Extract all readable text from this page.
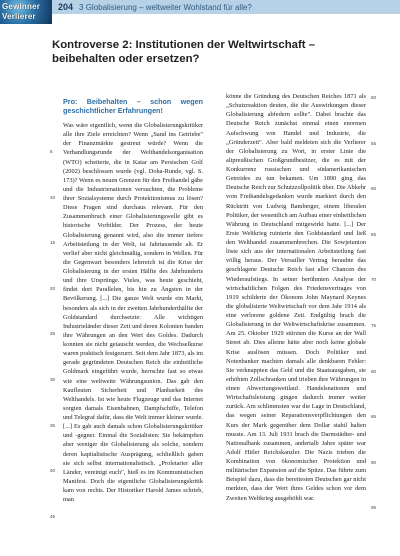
Gewinner
Verlierer
204 3 Globalisierung – weltweiter Wohlstand für alle?
Kontroverse 2: Institutionen der Weltwirtschaft – beibehalten oder ersetzen?

Pro: Beibehalten – schon wegen geschichtlicher Erfahrungen!

Was wäre eigentlich, wenn die Globalisierungskritiker alle ihre Ziele erreichten? Wenn „Sand ins Getriebe" der Finanzmärkte gestreut würde? Wenn die Verhandlungsrunde der Welthandelsorganisation (WTO) scheiterte, die in Katar am Persischen Golf (2002) beschlossen wurde (vgl. Doha-Runde, vgl. S. 173)? Wenn es neuen Grenzen für den Freihandel gäbe und die Industrienationen versuchten, die Probleme ihrer Sozialsysteme durch Protektionismus zu lösen? Diese Fragen sind durchaus relevant. Für den Zusammenbruch einer Globalisierungswelle gibt es historische Vorbilder. Der Prozess, der heute Globalisierung genannt wird, also die immer tiefere Arbeitsteilung in der Welt, ist Jahrtausende alt. Er verlief aber nicht gleichmäßig, sondern in Wellen. Für die Gegenwart besonders lehrreich ist die Krise der Globalisierung in der ersten Hälfte des Jahrhunderts und ihre Ursprünge. Vieles, was heute geschieht, findet dort Parallelen, bis hin zu Ängsten in der Bevölkerung. [...] Die ganze Welt wurde ein Markt, besonders als sich in der zweiten Jahrhunderthälfte der Goldstandard durchsetzte: Alle wichtigen Industrieländer dieser Zeit und deren Kolonien banden ihre Währungen an den Wert des Goldes. Dadurch konnten sie nicht getauscht werden, die Wechselkurse waren praktisch festgezurrt. Seit dem Jahr 1873, als im gerade gegründeten Deutschen Reich die einheitliche Goldmark eingeführt wurde, herrschte fast so etwas wie eine weltweite Währungsunion. Das gab den Kaufleuten Sicherheit und Planbarkeit des Welthandels. Ist wie heute Flugzeuge und das Internet sorgten damals Eisenbahnen, Dampfschiffe, Telefon und Telegraf dafür, dass die Welt immer kleiner wurde. [...] Es gab auch damals schon Globalisierungskritiker und -gegner. Einmal die Sozialisten: Sie bekämpften aber weniger die Globalisierung als solche, sondern deren kapitalistische Ausprägung, schließlich gaben sie sich selbst internationalistisch. „Proletarier aller Länder, vereinigt euch", hieß es im Kommunistischen Manifest. Doch die eigentliche Globalisierungskritik kam von rechts. Der Historiker Harold James schrieb, man

könne die Gründung des Deutschen Reiches 1871 als „Schutzreaktion deuten, die die Auswirkungen dieser Globalisierung abfedern sollte". Dabei brachte das Deutsche Reich zunächst einmal einen enormen Aufschwung von Handel und Industrie, die „Gründerzeit". Aber bald meldeten sich die Verlierer der Globalisierung zu Wort, in erster Linie die altpreußischen Großgrundbesitzer, die es mit der Konkurrenz russischen und südamerikanischen Getreides zu tun bekamen. Um 1890 ging das Deutsche Reich zur Schutzzollpolitik über. Die Abkehr vom Freihandelsgedanken wurde markiert durch den Rücktritt von Ludwig Bamberger, einem liberalen Politiker, der wesentlich am Aufbau einer einheitlichen Währung in Deutschland mitgewirkt hatte. [...] Der Erste Weltkrieg ruinierte den Goldstandard und ließ den Welthandel zusammenbrechen. Die Sowjetunion löste sich aus der internationalen Arbeitsteilung fast völlig heraus. Der Versailler Vertrag beraubte das geschlagene Deutsche Reich fast aller Chancen des Wiederaufstiegs. In seiner berühmten Analyse der wirtschaftlichen Folgen des Friedensvertrages von 1919 schilderte der Ökonom John Maynard Keynes die globalisierte Weltwirtschaft vor dem Jahr 1914 als eine verlorene goldene Zeit. Endgültig brach die Globalisierung in der Weltwirtschaftskrise zusammen. Am 25. Oktober 1929 stürzten die Kurse an der Wall Street ab. Dies alleine hätte aber noch keine globale Krise auslösen müssen. Doch Politiker und Notenbanker machten damals alle denkbaren Fehler: Sie verknappten das Geld und die Staatsausgaben, sie erhöhten Zollschranken und trieben ihre Währungen in einen Abwertungswettlauf. Handelsnationen und Wirtschaftsleistung gingen dadurch immer weiter zurück. Am schlimmsten war die Lage in Deutschland, das wegen seiner Reparationsverpflichtungen den Kurs der Mark gegenüber dem Dollar stabil halten musste. Am 13. Juli 1931 brach die Darmstädter- und Nationalbank zusammen, andertalb Jahre später war Adolf Hitler Reichskanzler. Die Nazis trieben die Kombination von ökonomischer Protektion und militärischer Expansion auf die Spitze. Das führte zum Beispiel dazu, dass die bereitesten Deutschen gar nicht merkten, dass der Wert ihres Geldes schon vor dem Zweiten Weltkrieg ausgehöhlt war.

5
10
15
20
25
30
35
40
45
50
55
60
65
70
75
80
85
90
95
